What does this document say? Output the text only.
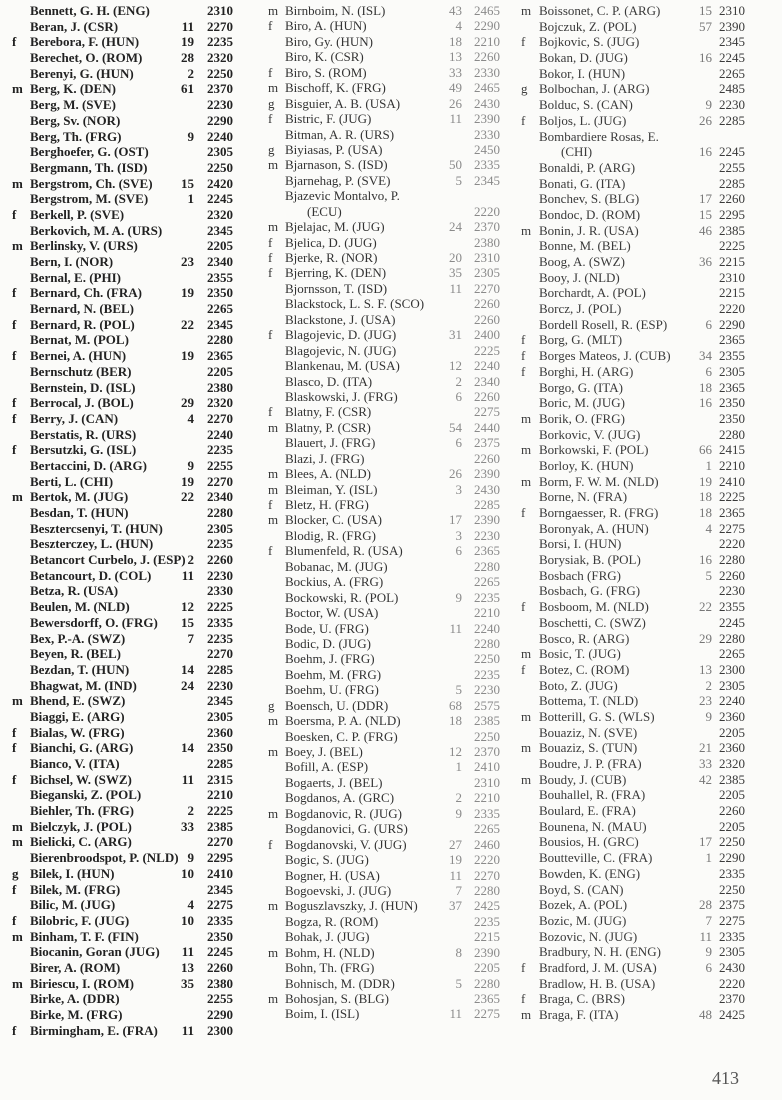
Bennett, G. H. (ENG)	2310
Beran, J. (CSR)	11	2270
f	Berebora, F. (HUN)	19	2235
Berechet, O. (ROM)	28	2320
Berenyi, G. (HUN)	2	2250
m Berg, K. (DEN)	61	2370
Berg, M. (SVE)	2230
Berg, Sv. (NOR)	2290
Berg, Th. (FRG)	9	2240
Berghoefer, G. (OST)	2305
Bergmann, Th. (ISD)	2250
m Bergstrom, Ch. (SVE)	15	2420
Bergstrom, M. (SVE)	1	2245
f	Berkell, P. (SVE)	2320
Berkovich, M. A. (URS)	2345
m Berlinsky, V. (URS)	2205
Bern, I. (NOR)	23	2340
Bernal, E. (PHI)	2355
f	Bernard, Ch. (FRA)	19	2350
Bernard, N. (BEL)	2265
f	Bernard, R. (POL)	22	2345
Bernat, M. (POL)	2280
f	Bernei, A. (HUN)	19	2365
Bernschutz (BER)	2205
Bernstein, D. (ISL)	2380
f	Berrocal, J. (BOL)	29	2320
f	Berry, J. (CAN)	4	2270
Berstatis, R. (URS)	2240
f	Bersutzki, G. (ISL)	2235
Bertaccini, D. (ARG)	9	2255
Berti, L. (CHI)	19	2270
m Bertok, M. (JUG)	22	2340
Besdan, T. (HUN)	2280
Besztercsenyi, T. (HUN)	2305
Beszterczey, L. (HUN)	2235
Betancort Curbelo, J. (ESP) 2	2260
Betancourt, D. (COL)	11	2230
Betza, R. (USA)	2330
Beulen, M. (NLD)	12	2225
Bewersdorff, O. (FRG)	15	2335
Bex, P.-A. (SWZ)	7	2235
Beyen, R. (BEL)	2270
Bezdan, T. (HUN)	14	2285
Bhagwat, M. (IND)	24	2230
m Bhend, E. (SWZ)	2345
Biaggi, E. (ARG)	2305
f	Bialas, W. (FRG)	2360
f	Bianchi, G. (ARG)	14	2350
Bianco, V. (ITA)	2285
f	Bichsel, W. (SWZ)	11	2315
Bieganski, Z. (POL)	2210
Biehler, Th. (FRG)	2	2225
m Bielczyk, J. (POL)	33	2385
m Bielicki, C. (ARG)	2270
Bierenbroodspot, P. (NLD) 9	2295
g Bilek, I. (HUN)	10	2410
f	Bilek, M. (FRG)	2345
Bilic, M. (JUG)	4	2275
f	Bilobric, F. (JUG)	10	2335
m Binham, T. F. (FIN)	2350
Biocanin, Goran (JUG)	11	2245
Birer, A. (ROM)	13	2260
m Biriescu, I. (ROM)	35	2380
Birke, A. (DDR)	2255
Birke, M. (FRG)	2290
f	Birmingham, E. (FRA)	11	2300
m Birnboim, N. (ISL)	43 2465
f Biro, A. (HUN)	4 2290
Biro, Gy. (HUN)	18 2210
Biro, K. (CSR)	13 2260
f Biro, S. (ROM)	33 2330
m Bischoff, K. (FRG)	49 2465
g Bisguier, A. B. (USA)	26 2430
f Bistric, F. (JUG)	11 2390
Bitman, A. R. (URS)	2330
g Biyiasas, P. (USA)	2450
m Bjarnason, S. (ISD)	50 2335
Bjarnehag, P. (SVE)	5 2345
Bjazevic Montalvo, P.
(ECU)	2220
m Bjelajac, M. (JUG)	24 2370
f Bjelica, D. (JUG)	2380
f Bjerke, R. (NOR)	20 2310
f Bjerring, K. (DEN)	35 2305
Bjornsson, T. (ISD)	11 2270
Blackstock, L. S. F. (SCO)	2260
Blackstone, J. (USA)	2260
f Blagojevic, D. (JUG)	31 2400
Blagojevic, N. (JUG)	2225
Blankenau, M. (USA)	12 2240
Blasco, D. (ITA)	2 2340
Blaskowski, J. (FRG)	6 2260
f Blatny, F. (CSR)	2275
m Blatny, P. (CSR)	54 2440
Blauert, J. (FRG)	6 2375
Blazi, J. (FRG)	2260
m Blees, A. (NLD)	26 2390
m Bleiman, Y. (ISL)	3 2430
f Bletz, H. (FRG)	2285
m Blocker, C. (USA)	17 2390
Blodig, R. (FRG)	3 2230
f Blumenfeld, R. (USA)	6 2365
Bobanac, M. (JUG)	2280
Bockius, A. (FRG)	2265
Bockowski, R. (POL)	9 2235
Boctor, W. (USA)	2210
Bode, U. (FRG)	11 2240
Bodic, D. (JUG)	2280
Boehm, J. (FRG)	2250
Boehm, M. (FRG)	2235
Boehm, U. (FRG)	5 2230
g Boensch, U. (DDR)	68 2575
m Boersma, P. A. (NLD)	18 2385
Boesken, C. P. (FRG)	2250
m Boey, J. (BEL)	12 2370
Bofill, A. (ESP)	1 2410
Bogaerts, J. (BEL)	2310
Bogdanos, A. (GRC)	2 2210
m Bogdanovic, R. (JUG)	9 2335
Bogdanovici, G. (URS)	2265
f Bogdanovski, V. (JUG)	27 2460
Bogic, S. (JUG)	19 2220
Bogner, H. (USA)	11 2270
Bogoevski, J. (JUG)	7 2280
m Boguszlavszky, J. (HUN)	37 2425
Bogza, R. (ROM)	2235
Bohak, J. (JUG)	2215
m Bohm, H. (NLD)	8 2390
Bohn, Th. (FRG)	2205
Bohnisch, M. (DDR)	5 2280
m Bohosjan, S. (BLG)	2365
Boim, I. (ISL)	11 2275
m Boissonet, C. P. (ARG)	15 2310
Bojczuk, Z. (POL)	57 2390
f	Bojkovic, S. (JUG)	2345
Bokan, D. (JUG)	16 2245
Bokor, I. (HUN)	2265
g Bolbochan, J. (ARG)	2485
Bolduc, S. (CAN)	9 2230
f	Boljos, L. (JUG)	26 2285
Bombardiere Rosas, E.
(CHI)	16 2245
Bonaldi, P. (ARG)	2255
Bonati, G. (ITA)	2285
Bonchev, S. (BLG)	17 2260
Bondoc, D. (ROM)	15 2295
m Bonin, J. R. (USA)	46 2385
Bonne, M. (BEL)	2225
Boog, A. (SWZ)	36 2215
Booy, J. (NLD)	2310
Borchardt, A. (POL)	2215
Borcz, J. (POL)	2220
Bordell Rosell, R. (ESP)	6 2290
f	Borg, G. (MLT)	2365
f	Borges Mateos, J. (CUB)	34 2355
f	Borghi, H. (ARG)	6 2305
Borgo, G. (ITA)	18 2365
Boric, M. (JUG)	16 2350
m Borik, O. (FRG)	2350
Borkovic, V. (JUG)	2280
m Borkowski, F. (POL)	66 2415
Borloy, K. (HUN)	1 2210
m Borm, F. W. M. (NLD)	19 2410
Borne, N. (FRA)	18 2225
f	Borngaesser, R. (FRG)	18 2365
Boronyak, A. (HUN)	4 2275
Borsi, I. (HUN)	2220
Borysiak, B. (POL)	16 2280
Bosbach (FRG)	5 2260
Bosbach, G. (FRG)	2230
f	Bosboom, M. (NLD)	22 2355
Boschetti, C. (SWZ)	2245
Bosco, R. (ARG)	29 2280
m Bosic, T. (JUG)	2265
f	Botez, C. (ROM)	13 2300
Boto, Z. (JUG)	2 2305
Bottema, T. (NLD)	23 2240
m Botterill, G. S. (WLS)	9 2360
Bouaziz, N. (SVE)	2205
m Bouaziz, S. (TUN)	21 2360
Boudre, J. P. (FRA)	33 2320
m Boudy, J. (CUB)	42 2385
Bouhallel, R. (FRA)	2205
Boulard, E. (FRA)	2260
Bounena, N. (MAU)	2205
Bousios, H. (GRC)	17 2250
Boutteville, C. (FRA)	1 2290
Bowden, K. (ENG)	2335
Boyd, S. (CAN)	2250
Bozek, A. (POL)	28 2375
Bozic, M. (JUG)	7 2275
Bozovic, N. (JUG)	11 2335
Bradbury, N. H. (ENG)	9 2305
f	Bradford, J. M. (USA)	6 2430
Bradlow, H. B. (USA)	2220
f	Braga, C. (BRS)	2370
m Braga, F. (ITA)	48 2425
413
